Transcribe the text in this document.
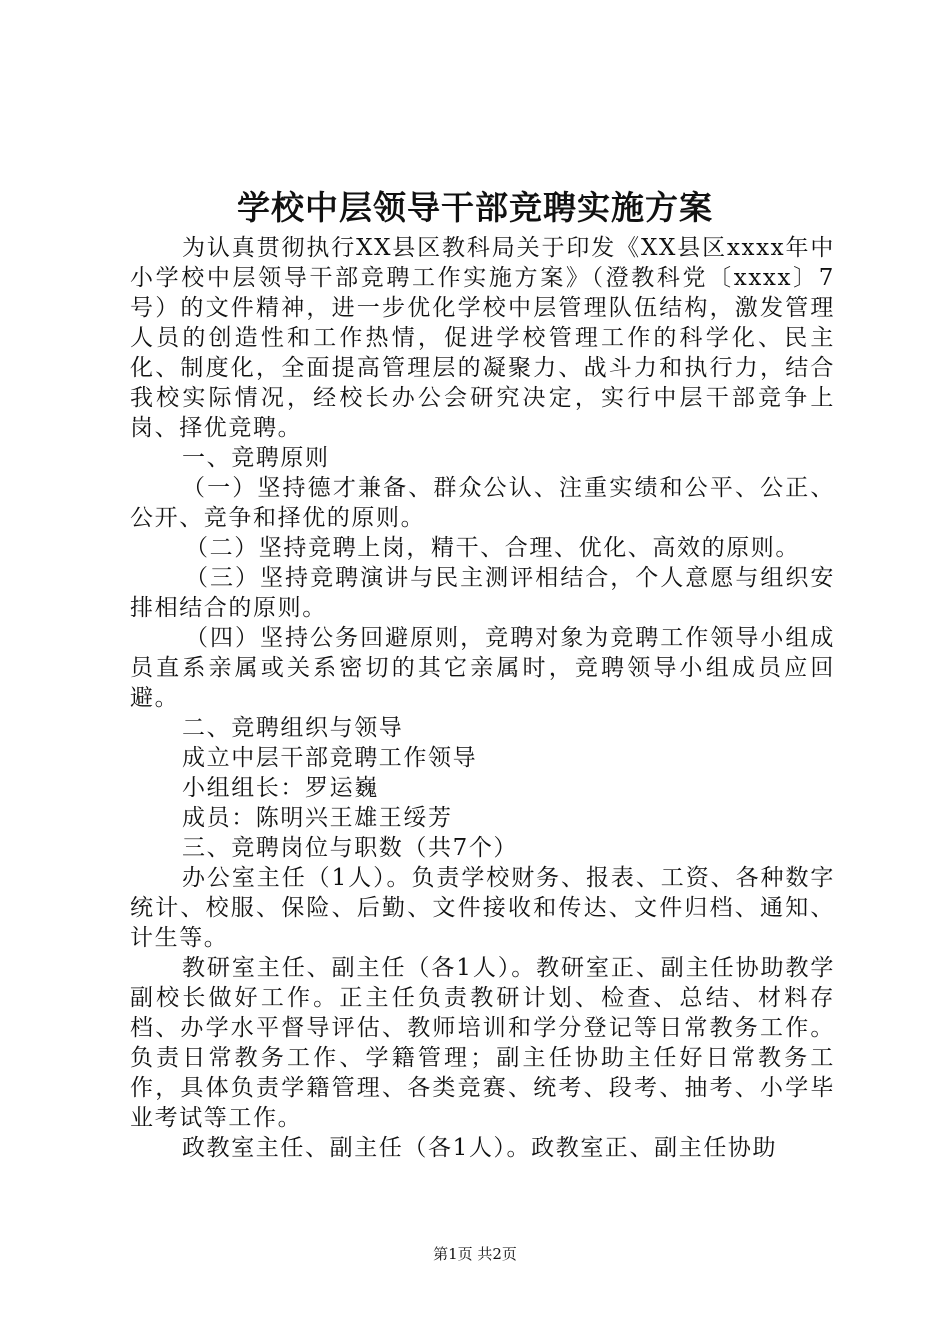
学校中层领导干部竞聘实施方案

为认真贯彻执行XX县区教科局关于印发《XX县区xxxx年中小学校中层领导干部竞聘工作实施方案》（澄教科党〔xxxx〕7号）的文件精神，进一步优化学校中层管理队伍结构，激发管理人员的创造性和工作热情，促进学校管理工作的科学化、民主化、制度化，全面提高管理层的凝聚力、战斗力和执行力，结合我校实际情况，经校长办公会研究决定，实行中层干部竞争上岗、择优竞聘。

一、竞聘原则

（一）坚持德才兼备、群众公认、注重实绩和公平、公正、公开、竞争和择优的原则。

（二）坚持竞聘上岗，精干、合理、优化、高效的原则。

（三）坚持竞聘演讲与民主测评相结合，个人意愿与组织安排相结合的原则。

（四）坚持公务回避原则，竞聘对象为竞聘工作领导小组成员直系亲属或关系密切的其它亲属时，竞聘领导小组成员应回避。

二、竞聘组织与领导

成立中层干部竞聘工作领导

小组组长：罗运巍

成员：陈明兴王雄王绥芳

三、竞聘岗位与职数（共7个）

办公室主任（1人）。负责学校财务、报表、工资、各种数字统计、校服、保险、后勤、文件接收和传达、文件归档、通知、计生等。

教研室主任、副主任（各1人）。教研室正、副主任协助教学副校长做好工作。正主任负责教研计划、检查、总结、材料存档、办学水平督导评估、教师培训和学分登记等日常教务工作。负责日常教务工作、学籍管理；副主任协助主任好日常教务工作，具体负责学籍管理、各类竞赛、统考、段考、抽考、小学毕业考试等工作。

政教室主任、副主任（各1人）。政教室正、副主任协助

第1页 共2页
